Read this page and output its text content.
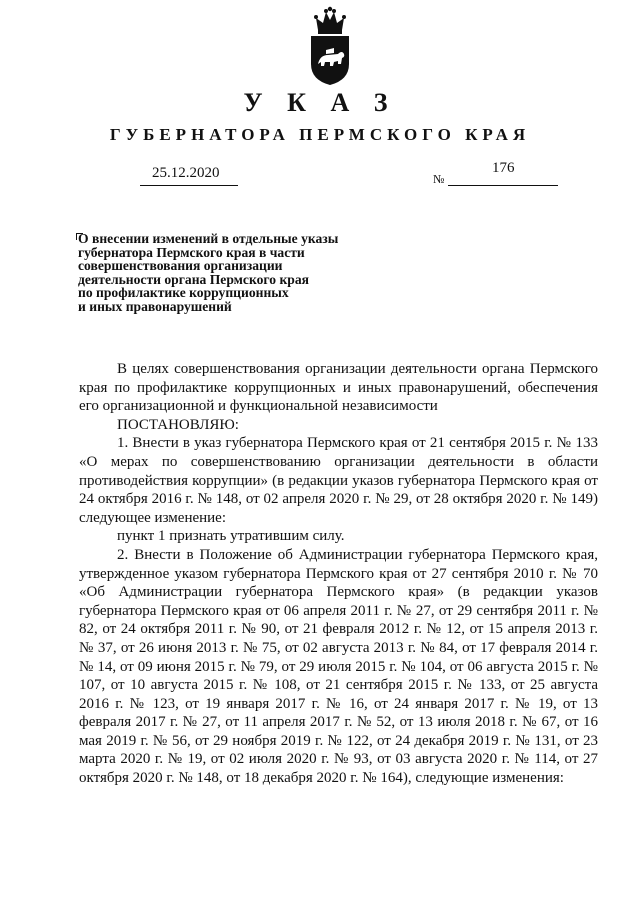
У К А З
ГУБЕРНАТОРА ПЕРМСКОГО КРАЯ
25.12.2020	№
176
О внесении изменений в отдельные указы
губернатора Пермского края в части
совершенствования организации
деятельности органа Пермского края
по профилактике коррупционных
и иных правонарушений

В целях совершенствования организации деятельности органа Пермского края по профилактике коррупционных и иных правонарушений, обеспечения его организационной и функциональной независимости

ПОСТАНОВЛЯЮ:

1. Внести в указ губернатора Пермского края от 21 сентября 2015 г. № 133 «О мерах по совершенствованию организации деятельности в области противодействия коррупции» (в редакции указов губернатора Пермского края от 24 октября 2016 г. № 148, от 02 апреля 2020 г. № 29, от 28 октября 2020 г. № 149) следующее изменение:

пункт 1 признать утратившим силу.

2. Внести в Положение об Администрации губернатора Пермского края, утвержденное указом губернатора Пермского края от 27 сентября 2010 г. № 70 «Об Администрации губернатора Пермского края» (в редакции указов губернатора Пермского края от 06 апреля 2011 г. № 27, от 29 сентября 2011 г. № 82, от 24 октября 2011 г. № 90, от 21 февраля 2012 г. № 12, от 15 апреля 2013 г. № 37, от 26 июня 2013 г. № 75, от 02 августа 2013 г. № 84, от 17 февраля 2014 г. № 14, от 09 июня 2015 г. № 79, от 29 июля 2015 г. № 104, от 06 августа 2015 г. № 107, от 10 августа 2015 г. № 108, от 21 сентября 2015 г. № 133, от 25 августа 2016 г. № 123, от 19 января 2017 г. № 16, от 24 января 2017 г. № 19, от 13 февраля 2017 г. № 27, от 11 апреля 2017 г. № 52, от 13 июля 2018 г. № 67, от 16 мая 2019 г. № 56, от 29 ноября 2019 г. № 122, от 24 декабря 2019 г. № 131, от 23 марта 2020 г. № 19, от 02 июля 2020 г. № 93, от 03 августа 2020 г. № 114, от 27 октября 2020 г. № 148, от 18 декабря 2020 г. № 164), следующие изменения:
